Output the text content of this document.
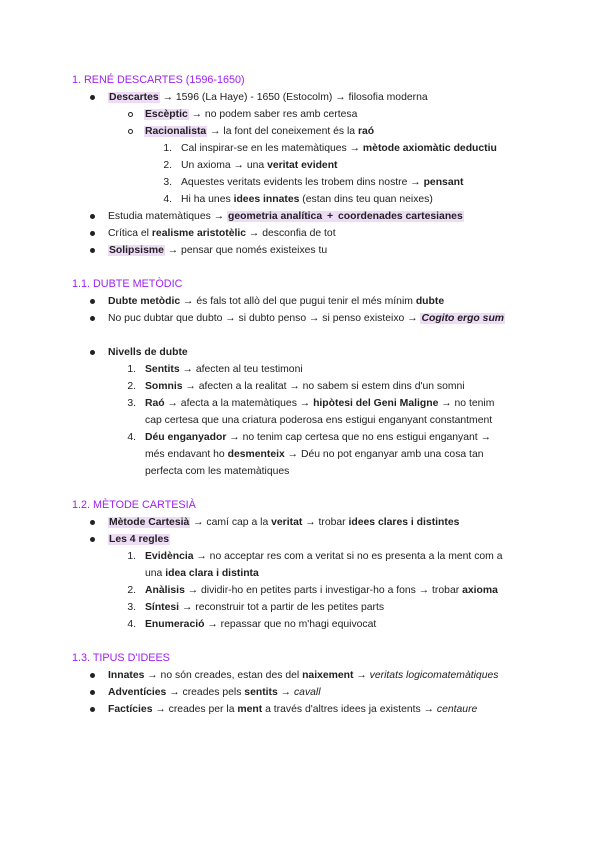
1. RENÉ DESCARTES (1596-1650)
Descartes → 1596 (La Haye) - 1650 (Estocolm) → filosofia moderna
Escèptic → no podem saber res amb certesa
Racionalista → la font del coneixement és la raó
1. Cal inspirar-se en les matemàtiques → mètode axiomàtic deductiu
2. Un axioma → una veritat evident
3. Aquestes veritats evidents les trobem dins nostre → pensant
4. Hi ha unes idees innates (estan dins teu quan neixes)
Estudia matemàtiques → geometria analítica + coordenades cartesianes
Crítica el realisme aristotèlic → desconfia de tot
Solipsisme → pensar que només existeixes tu
1.1. DUBTE METÒDIC
Dubte metòdic → és fals tot allò del que pugui tenir el més mínim dubte
No puc dubtar que dubto → si dubto penso → si penso existeixo → Cogito ergo sum
Nivells de dubte
1. Sentits → afecten al teu testimoni
2. Somnis → afecten a la realitat → no sabem si estem dins d'un somni
3. Raó → afecta a la matemàtiques → hipòtesi del Geni Maligne → no tenim
cap certesa que una criatura poderosa ens estigui enganyant constantment
4. Déu enganyador → no tenim cap certesa que no ens estigui enganyant →
més endavant ho desmenteix → Déu no pot enganyar amb una cosa tan
perfecta com les matemàtiques
1.2. MÈTODE CARTESIÀ
Mètode Cartesià → camí cap a la veritat → trobar idees clares i distintes
Les 4 regles
1. Evidència → no acceptar res com a veritat si no es presenta a la ment com a
una idea clara i distinta
2. Anàlisis → dividir-ho en petites parts i investigar-ho a fons → trobar axioma
3. Síntesi → reconstruir tot a partir de les petites parts
4. Enumeració → repassar que no m'hagi equivocat
1.3. TIPUS D'IDEES
Innates → no són creades, estan des del naixement → veritats logicomatemàtiques
Adventícies → creades pels sentits → cavall
Factícies → creades per la ment a través d'altres idees ja existents → centaure
